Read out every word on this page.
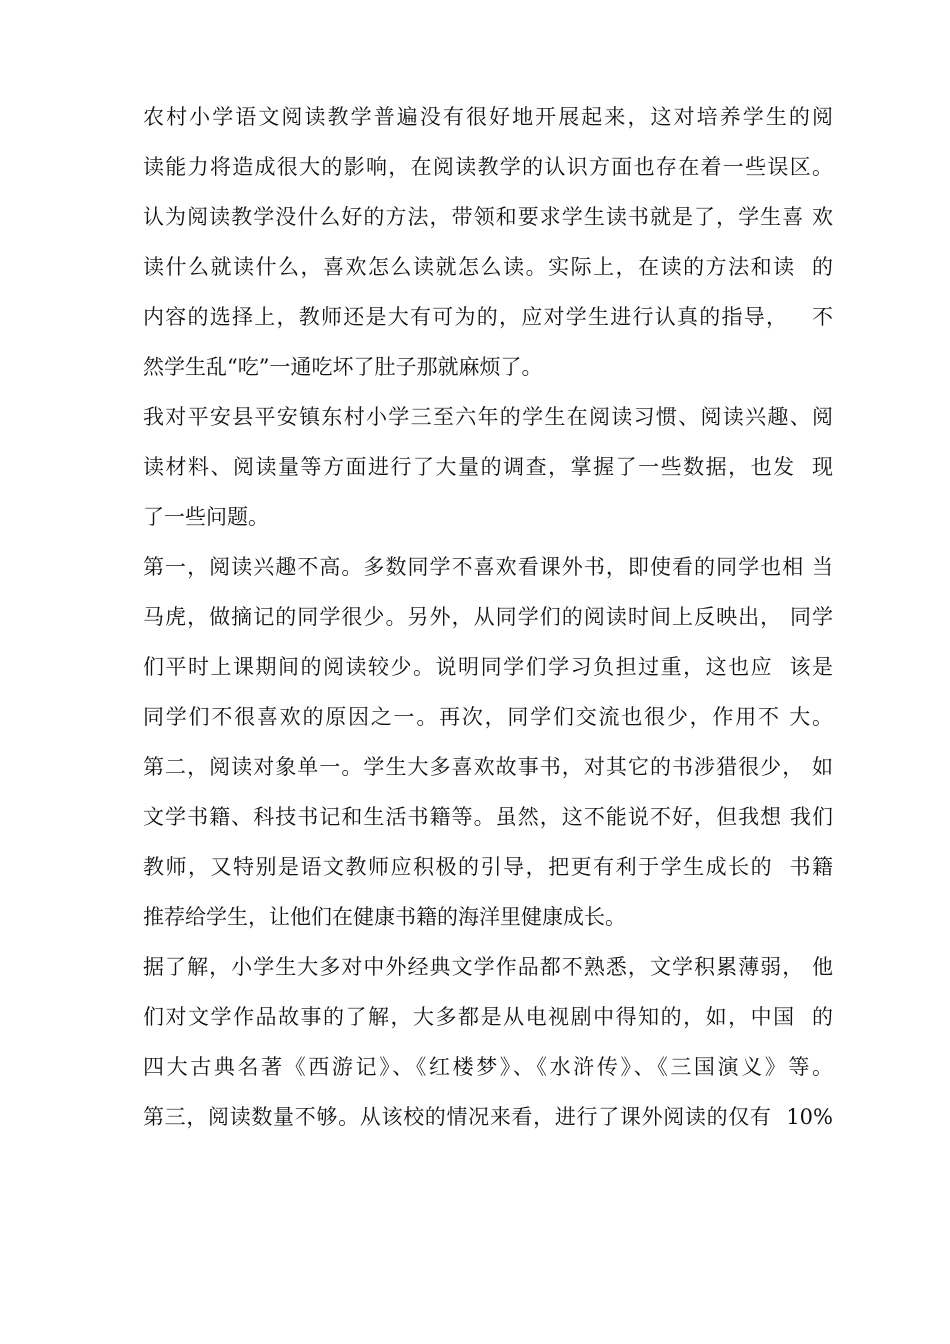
农村小学语文阅读教学普遍没有很好地开展起来，这对培养学生的阅
读能力将造成很大的影响，在阅读教学的认识方面也存在着一些误区。
认为阅读教学没什么好的方法，带领和要求学生读书就是了，学生喜 欢
读什么就读什么，喜欢怎么读就怎么读。实际上，在读的方法和读  的
内容的选择上，教师还是大有可为的，应对学生进行认真的指导，   不
然学生乱“吃”一通吃坏了肚子那就麻烦了。
我对平安县平安镇东村小学三至六年的学生在阅读习惯、阅读兴趣、阅
读材料、阅读量等方面进行了大量的调查，掌握了一些数据，也发  现
了一些问题。
第一，阅读兴趣不高。多数同学不喜欢看课外书，即使看的同学也相 当
马虎，做摘记的同学很少。另外，从同学们的阅读时间上反映出， 同学
们平时上课期间的阅读较少。说明同学们学习负担过重，这也应  该是
同学们不很喜欢的原因之一。再次，同学们交流也很少，作用不 大。
第二，阅读对象单一。学生大多喜欢故事书，对其它的书涉猎很少， 如
文学书籍、科技书记和生活书籍等。虽然，这不能说不好，但我想 我们
教师，又特别是语文教师应积极的引导，把更有利于学生成长的  书籍
推荐给学生，让他们在健康书籍的海洋里健康成长。
据了解，小学生大多对中外经典文学作品都不熟悉，文学积累薄弱， 他
们对文学作品故事的了解，大多都是从电视剧中得知的，如，中国  的
四大古典名著《西游记》、《红楼梦》、《水浒传》、《三国演义》等。
第三，阅读数量不够。从该校的情况来看，进行了课外阅读的仅有  10%
